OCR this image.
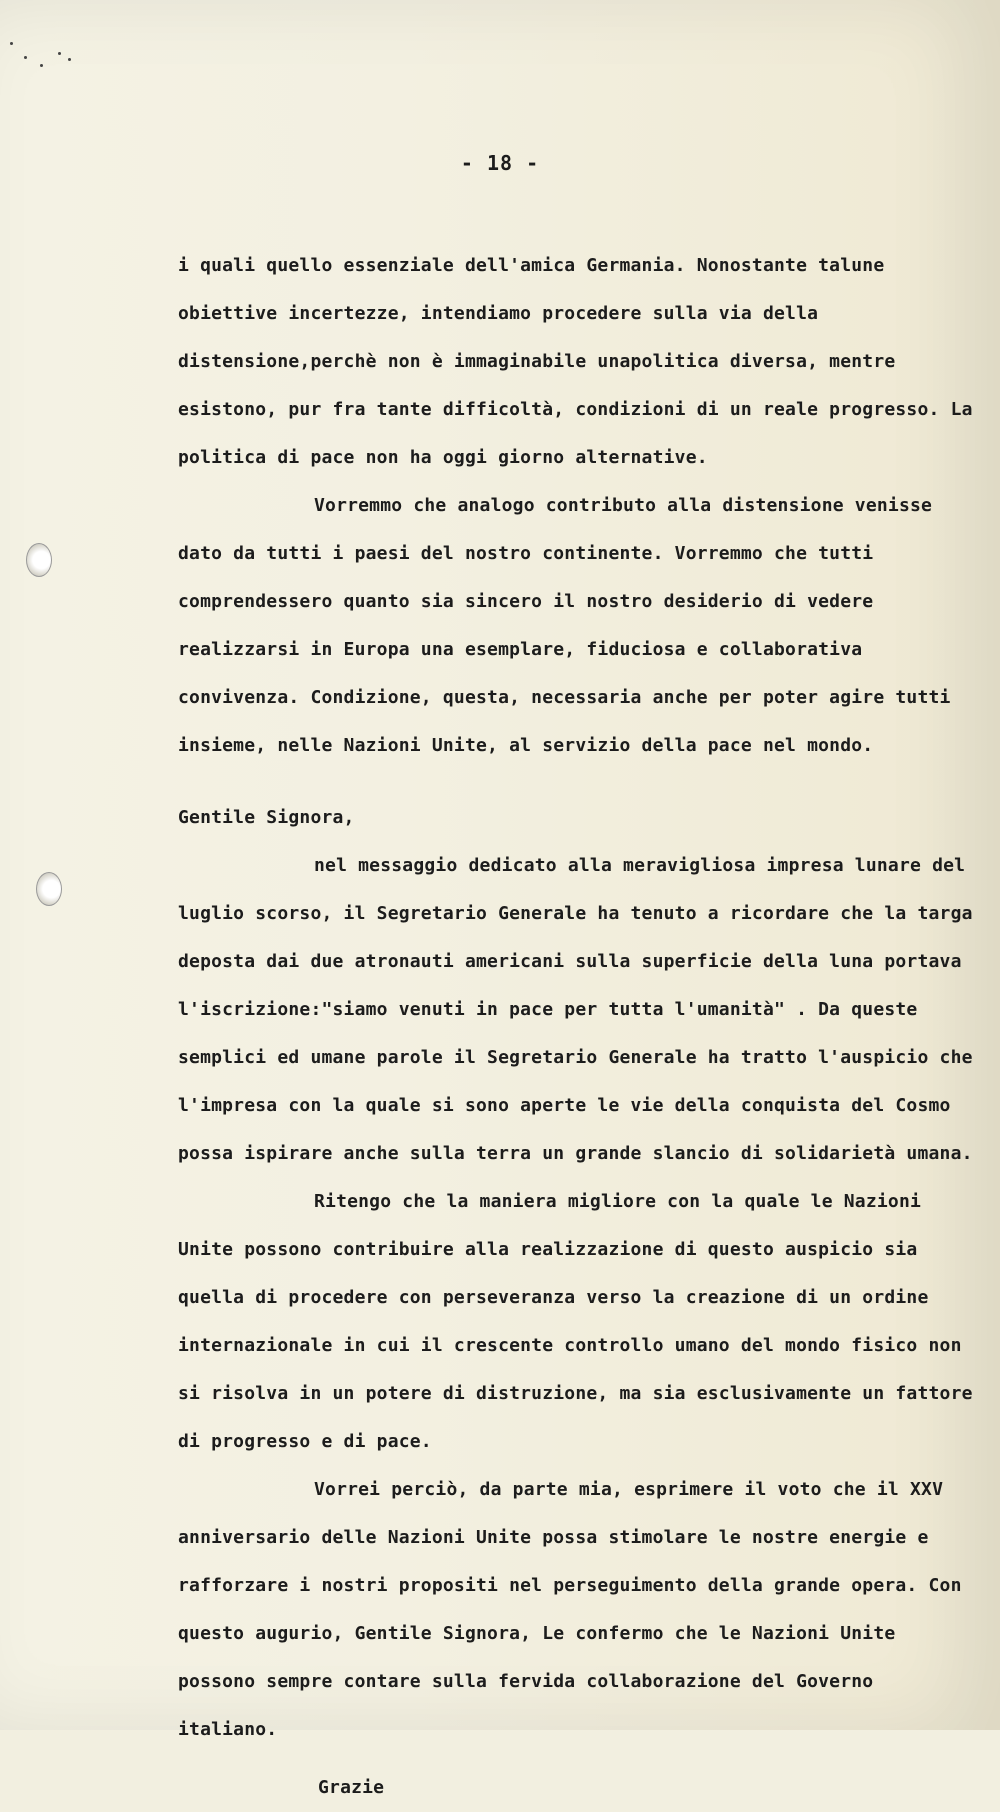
- 18 -

i quali quello essenziale dell'amica Germania. Nonostante talune obiettive incertezze, intendiamo procedere sulla via della distensione,perchè non è immaginabile unapolitica diversa, mentre esistono, pur fra tante difficoltà, condizioni di un reale progresso. La politica di pace non ha oggi giorno alternative.

Vorremmo che analogo contributo alla distensione venisse dato da tutti i paesi del nostro continente. Vorremmo che tutti comprendessero quanto sia sincero il nostro desiderio di vedere realizzarsi in Europa una esemplare, fiduciosa e collaborativa convivenza. Condizione, questa, necessaria anche per poter agire tutti insieme, nelle Nazioni Unite, al servizio della pace nel mondo.

Gentile Signora,

nel messaggio dedicato alla meravigliosa impresa lunare del luglio scorso, il Segretario Generale ha tenuto a ricordare che la targa deposta dai due atronauti americani sulla superficie della luna portava l'iscrizione:"siamo venuti in pace per tutta l'umanità" . Da queste semplici ed umane parole il Segretario Generale ha tratto l'auspicio che l'impresa con la quale si sono aperte le vie della conquista del Cosmo possa ispirare anche sulla terra un grande slancio di solidarietà umana.

Ritengo che la maniera migliore con la quale le Nazioni Unite possono contribuire alla realizzazione di questo auspicio sia quella di procedere con perseveranza verso la creazione di un ordine internazionale in cui il crescente controllo umano del mondo fisico non si risolva in un potere di distruzione, ma sia esclusivamente un fattore di progresso e di pace.

Vorrei perciò, da parte mia, esprimere il voto che il XXV anniversario delle Nazioni Unite possa stimolare le nostre energie e rafforzare i nostri propositi nel perseguimento della grande opera. Con questo augurio, Gentile Signora, Le confermo che le Nazioni Unite possono sempre contare sulla fervida collaborazione del Governo italiano.

Grazie
